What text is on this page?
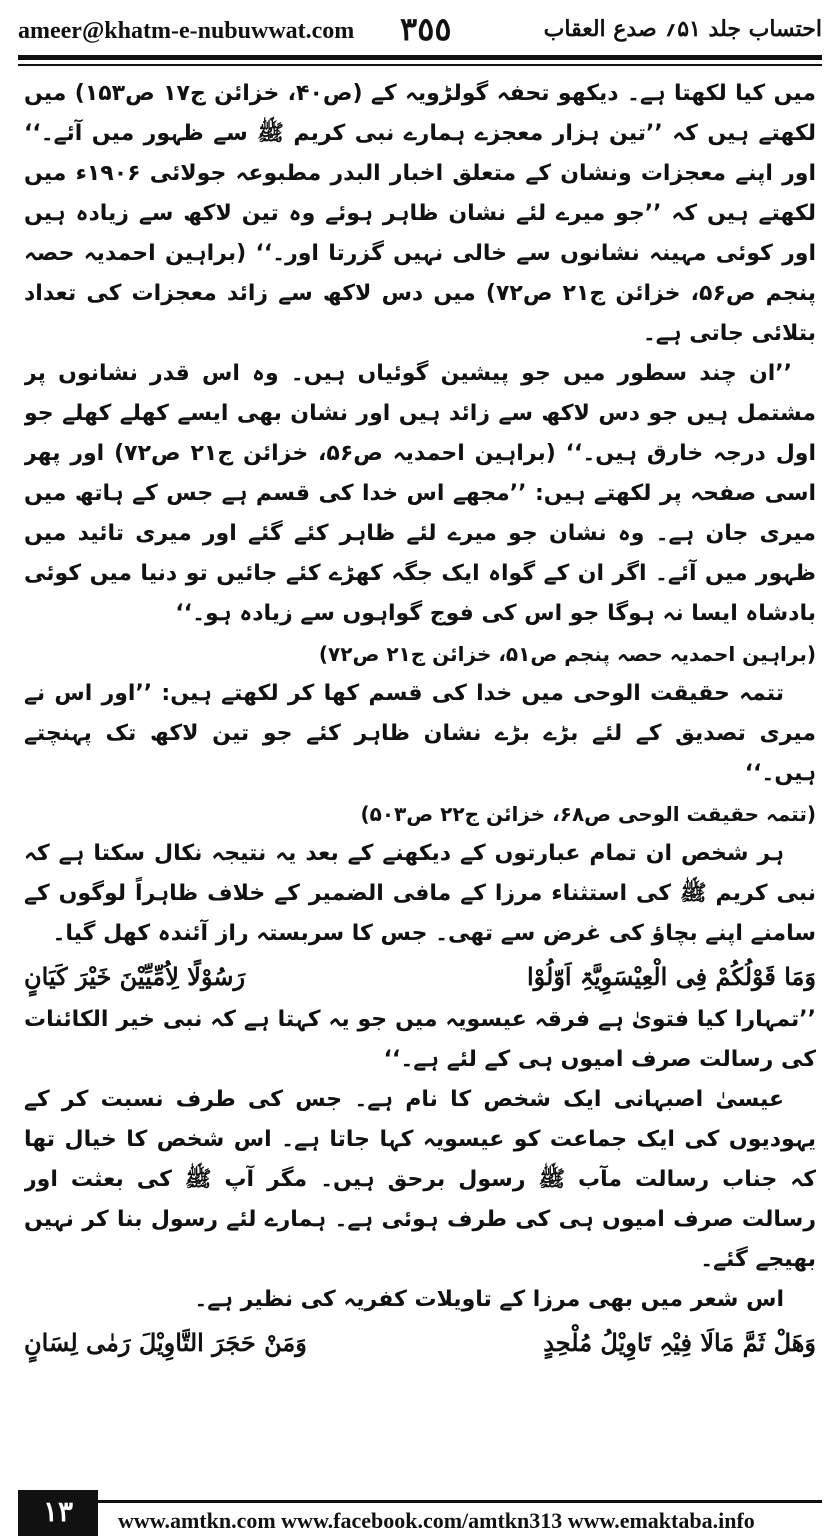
ameer@khatm-e-nubuwwat.com ٣٥٥	احتساب جلد ۵۱؍ صدع العقاب

میں کیا لکھتا ہے۔ دیکھو تحفہ گولڑویہ کے (ص۴۰، خزائن ج۱۷ ص۱۵۳) میں لکھتے ہیں کہ ’’تین ہزار معجزے ہمارے نبی کریم ﷺ سے ظہور میں آئے۔‘‘ اور اپنے معجزات ونشان کے متعلق اخبار البدر مطبوعہ جولائی ۱۹۰۶ء میں لکھتے ہیں کہ ’’جو میرے لئے نشان ظاہر ہوئے وہ تین لاکھ سے زیادہ ہیں اور کوئی مہینہ نشانوں سے خالی نہیں گزرتا اور۔‘‘ (براہین احمدیہ حصہ پنجم ص۵۶، خزائن ج۲۱ ص۷۲) میں دس لاکھ سے زائد معجزات کی تعداد بتلائی جاتی ہے۔

’’ان چند سطور میں جو پیشین گوئیاں ہیں۔ وہ اس قدر نشانوں پر مشتمل ہیں جو دس لاکھ سے زائد ہیں اور نشان بھی ایسے کھلے کھلے جو اول درجہ خارق ہیں۔‘‘ (براہین احمدیہ ص۵۶، خزائن ج۲۱ ص۷۲) اور پھر اسی صفحہ پر لکھتے ہیں: ’’مجھے اس خدا کی قسم ہے جس کے ہاتھ میں میری جان ہے۔ وہ نشان جو میرے لئے ظاہر کئے گئے اور میری تائید میں ظہور میں آئے۔ اگر ان کے گواہ ایک جگہ کھڑے کئے جائیں تو دنیا میں کوئی بادشاہ ایسا نہ ہوگا جو اس کی فوج گواہوں سے زیادہ ہو۔‘‘

(براہین احمدیہ حصہ پنجم ص۵۱، خزائن ج۲۱ ص۷۲)

تتمہ حقیقت الوحی میں خدا کی قسم کھا کر لکھتے ہیں: ’’اور اس نے میری تصدیق کے لئے بڑے بڑے نشان ظاہر کئے جو تین لاکھ تک پہنچتے ہیں۔‘‘

(تتمہ حقیقت الوحی ص۶۸، خزائن ج۲۲ ص۵۰۳)

ہر شخص ان تمام عبارتوں کے دیکھنے کے بعد یہ نتیجہ نکال سکتا ہے کہ نبی کریم ﷺ کی استثناء مرزا کے مافی الضمیر کے خلاف ظاہراً لوگوں کے سامنے اپنے بچاؤ کی غرض سے تھی۔ جس کا سربستہ راز آئندہ کھل گیا۔

وَمَا قَوْلُکُمْ فِی الْعِیْسَوِیَّۃِ اَوّلُوْا
رَسُوْلًا لِاُمِّیِّیْنَ خَیْرَ کَیَانٍ

’’تمہارا کیا فتویٰ ہے فرقہ عیسویہ میں جو یہ کہتا ہے کہ نبی خیر الکائنات کی رسالت صرف امیوں ہی کے لئے ہے۔‘‘

عیسیٰ اصبہانی ایک شخص کا نام ہے۔ جس کی طرف نسبت کر کے یہودیوں کی ایک جماعت کو عیسویہ کہا جاتا ہے۔ اس شخص کا خیال تھا کہ جناب رسالت مآب ﷺ رسول برحق ہیں۔ مگر آپ ﷺ کی بعثت اور رسالت صرف امیوں ہی کی طرف ہوئی ہے۔ ہمارے لئے رسول بنا کر نہیں بھیجے گئے۔

اس شعر میں بھی مرزا کے تاویلات کفریہ کی نظیر ہے۔

وَھَلْ ثَمَّ مَالَا فِیْہِ تَاوِیْلُ مُلْحِدٍ
وَمَنْ حَجَرَ التَّاوِیْلَ رَمٰی لِسَانٍ
۱۳	www.amtkn.com www.facebook.com/amtkn313 www.emaktaba.info
